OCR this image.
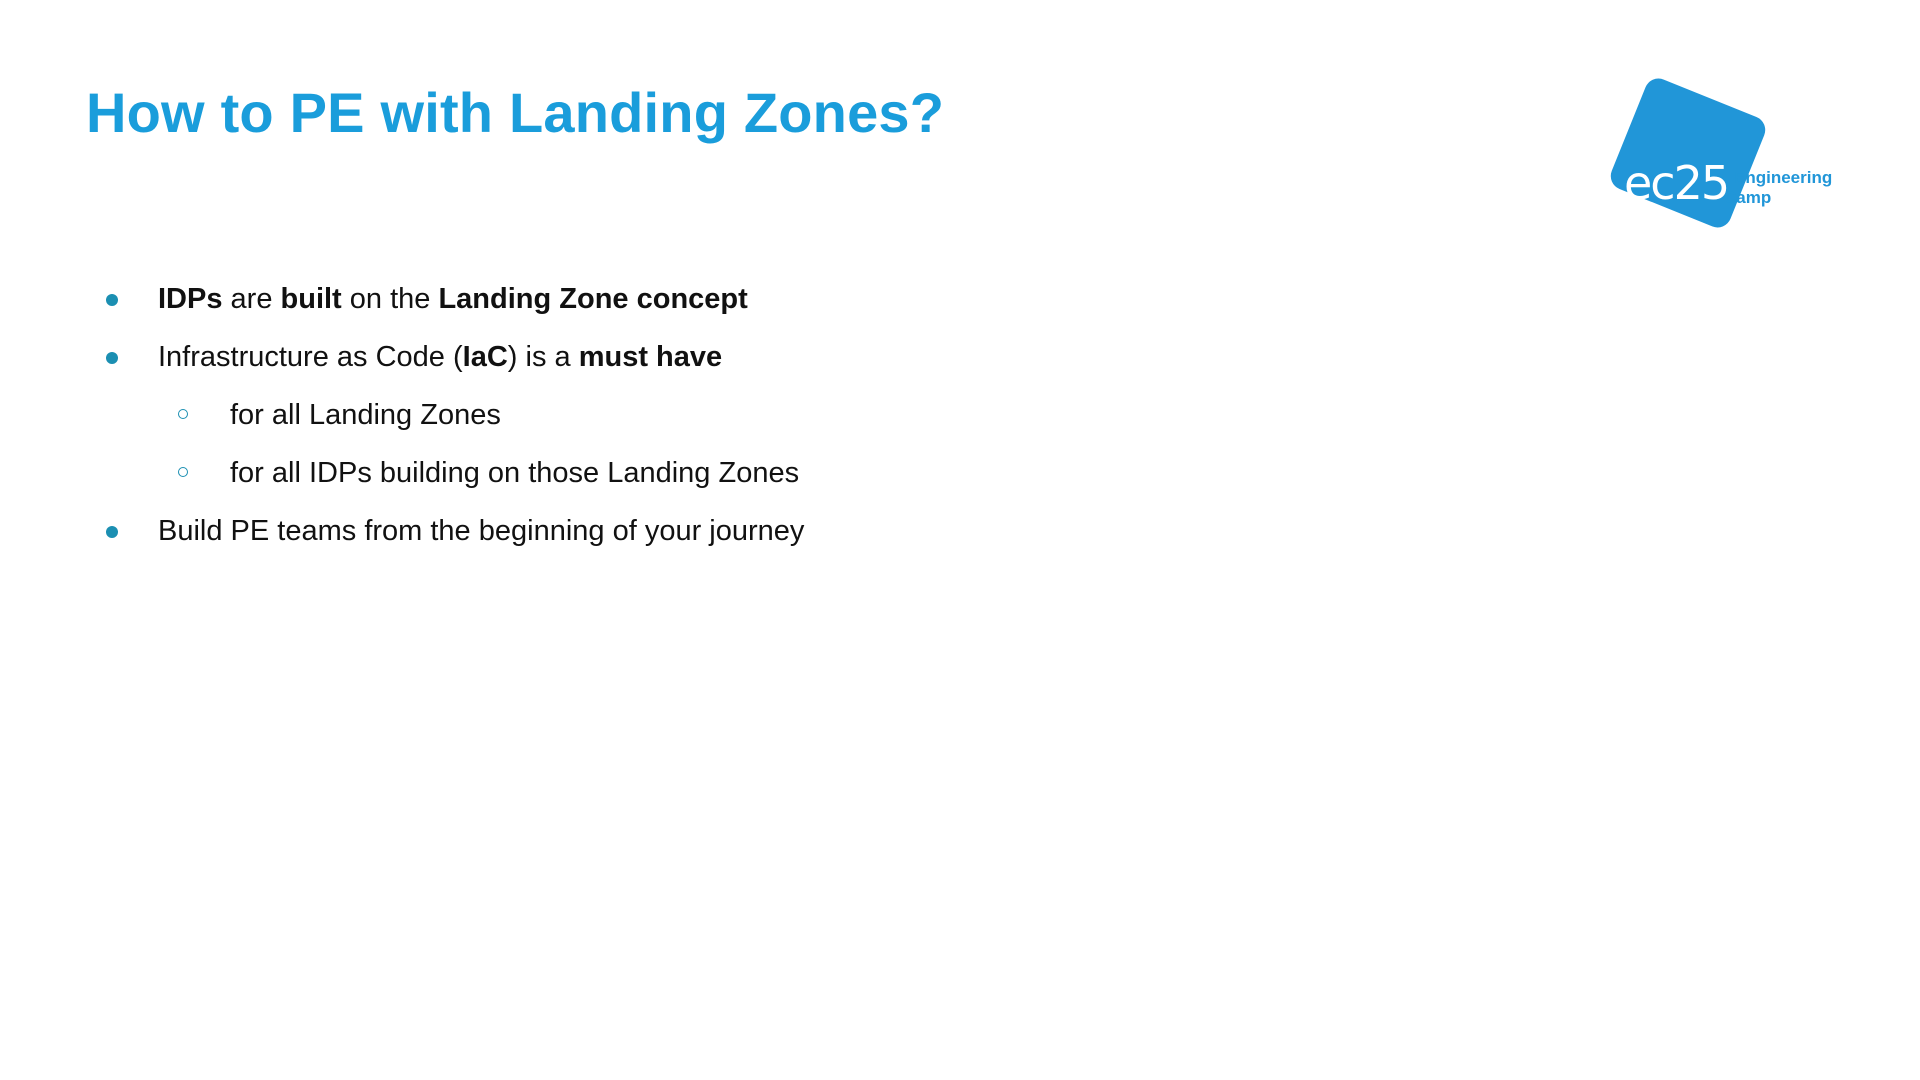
How to PE with Landing Zones?
ec25 Engineering
Camp
IDPs are built on the Landing Zone concept
Infrastructure as Code (IaC) is a must have
for all Landing Zones
for all IDPs building on those Landing Zones
Build PE teams from the beginning of your journey
